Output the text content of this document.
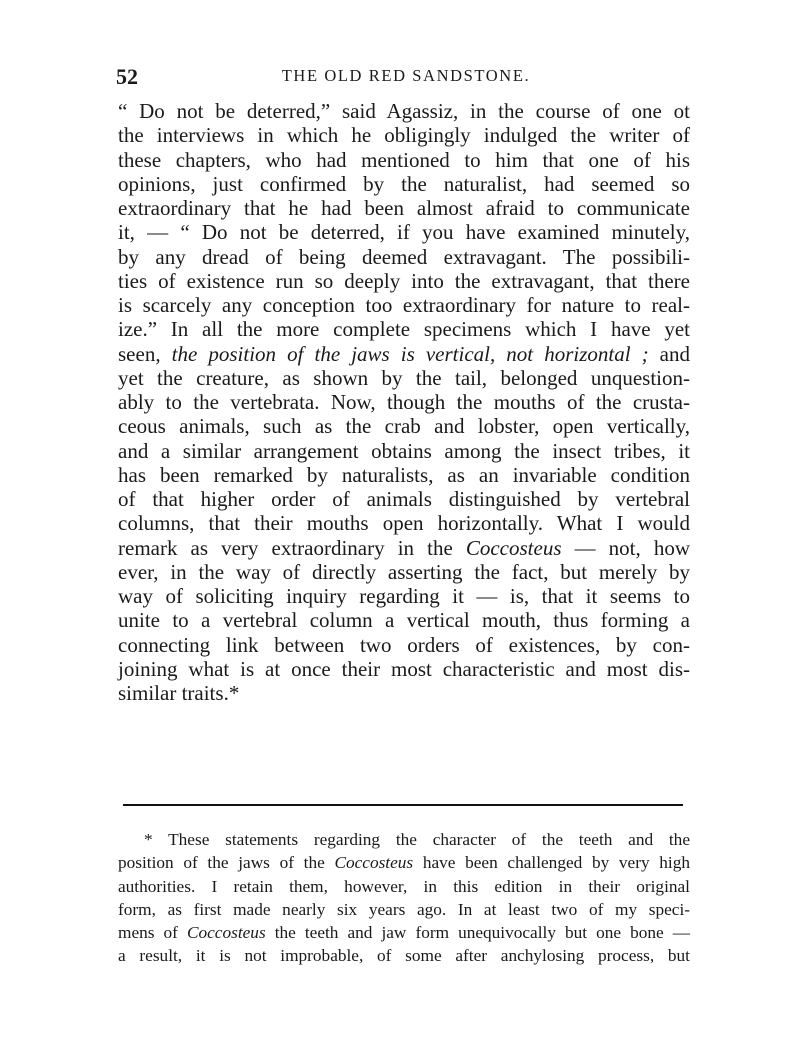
52	THE OLD RED SANDSTONE.
“ Do not be deterred,” said Agassiz, in the course of one ot
the interviews in which he obligingly indulged the writer of
these chapters, who had mentioned to him that one of his
opinions, just confirmed by the naturalist, had seemed so
extraordinary that he had been almost afraid to communicate
it, — “ Do not be deterred, if you have examined minutely,
by any dread of being deemed extravagant. The possibili-
ties of existence run so deeply into the extravagant, that there
is scarcely any conception too extraordinary for nature to real-
ize.” In all the more complete specimens which I have yet
seen, the position of the jaws is vertical, not horizontal ; and
yet the creature, as shown by the tail, belonged unquestion-
ably to the vertebrata. Now, though the mouths of the crusta-
ceous animals, such as the crab and lobster, open vertically,
and a similar arrangement obtains among the insect tribes, it
has been remarked by naturalists, as an invariable condition
of that higher order of animals distinguished by vertebral
columns, that their mouths open horizontally. What I would
remark as very extraordinary in the Coccosteus — not, how
ever, in the way of directly asserting the fact, but merely by
way of soliciting inquiry regarding it — is, that it seems to
unite to a vertebral column a vertical mouth, thus forming a
connecting link between two orders of existences, by con-
joining what is at once their most characteristic and most dis-
similar traits.*
* These statements regarding the character of the teeth and the
position of the jaws of the Coccosteus have been challenged by very high
authorities. I retain them, however, in this edition in their original
form, as first made nearly six years ago. In at least two of my speci-
mens of Coccosteus the teeth and jaw form unequivocally but one bone —
a result, it is not improbable, of some after anchylosing process, but
